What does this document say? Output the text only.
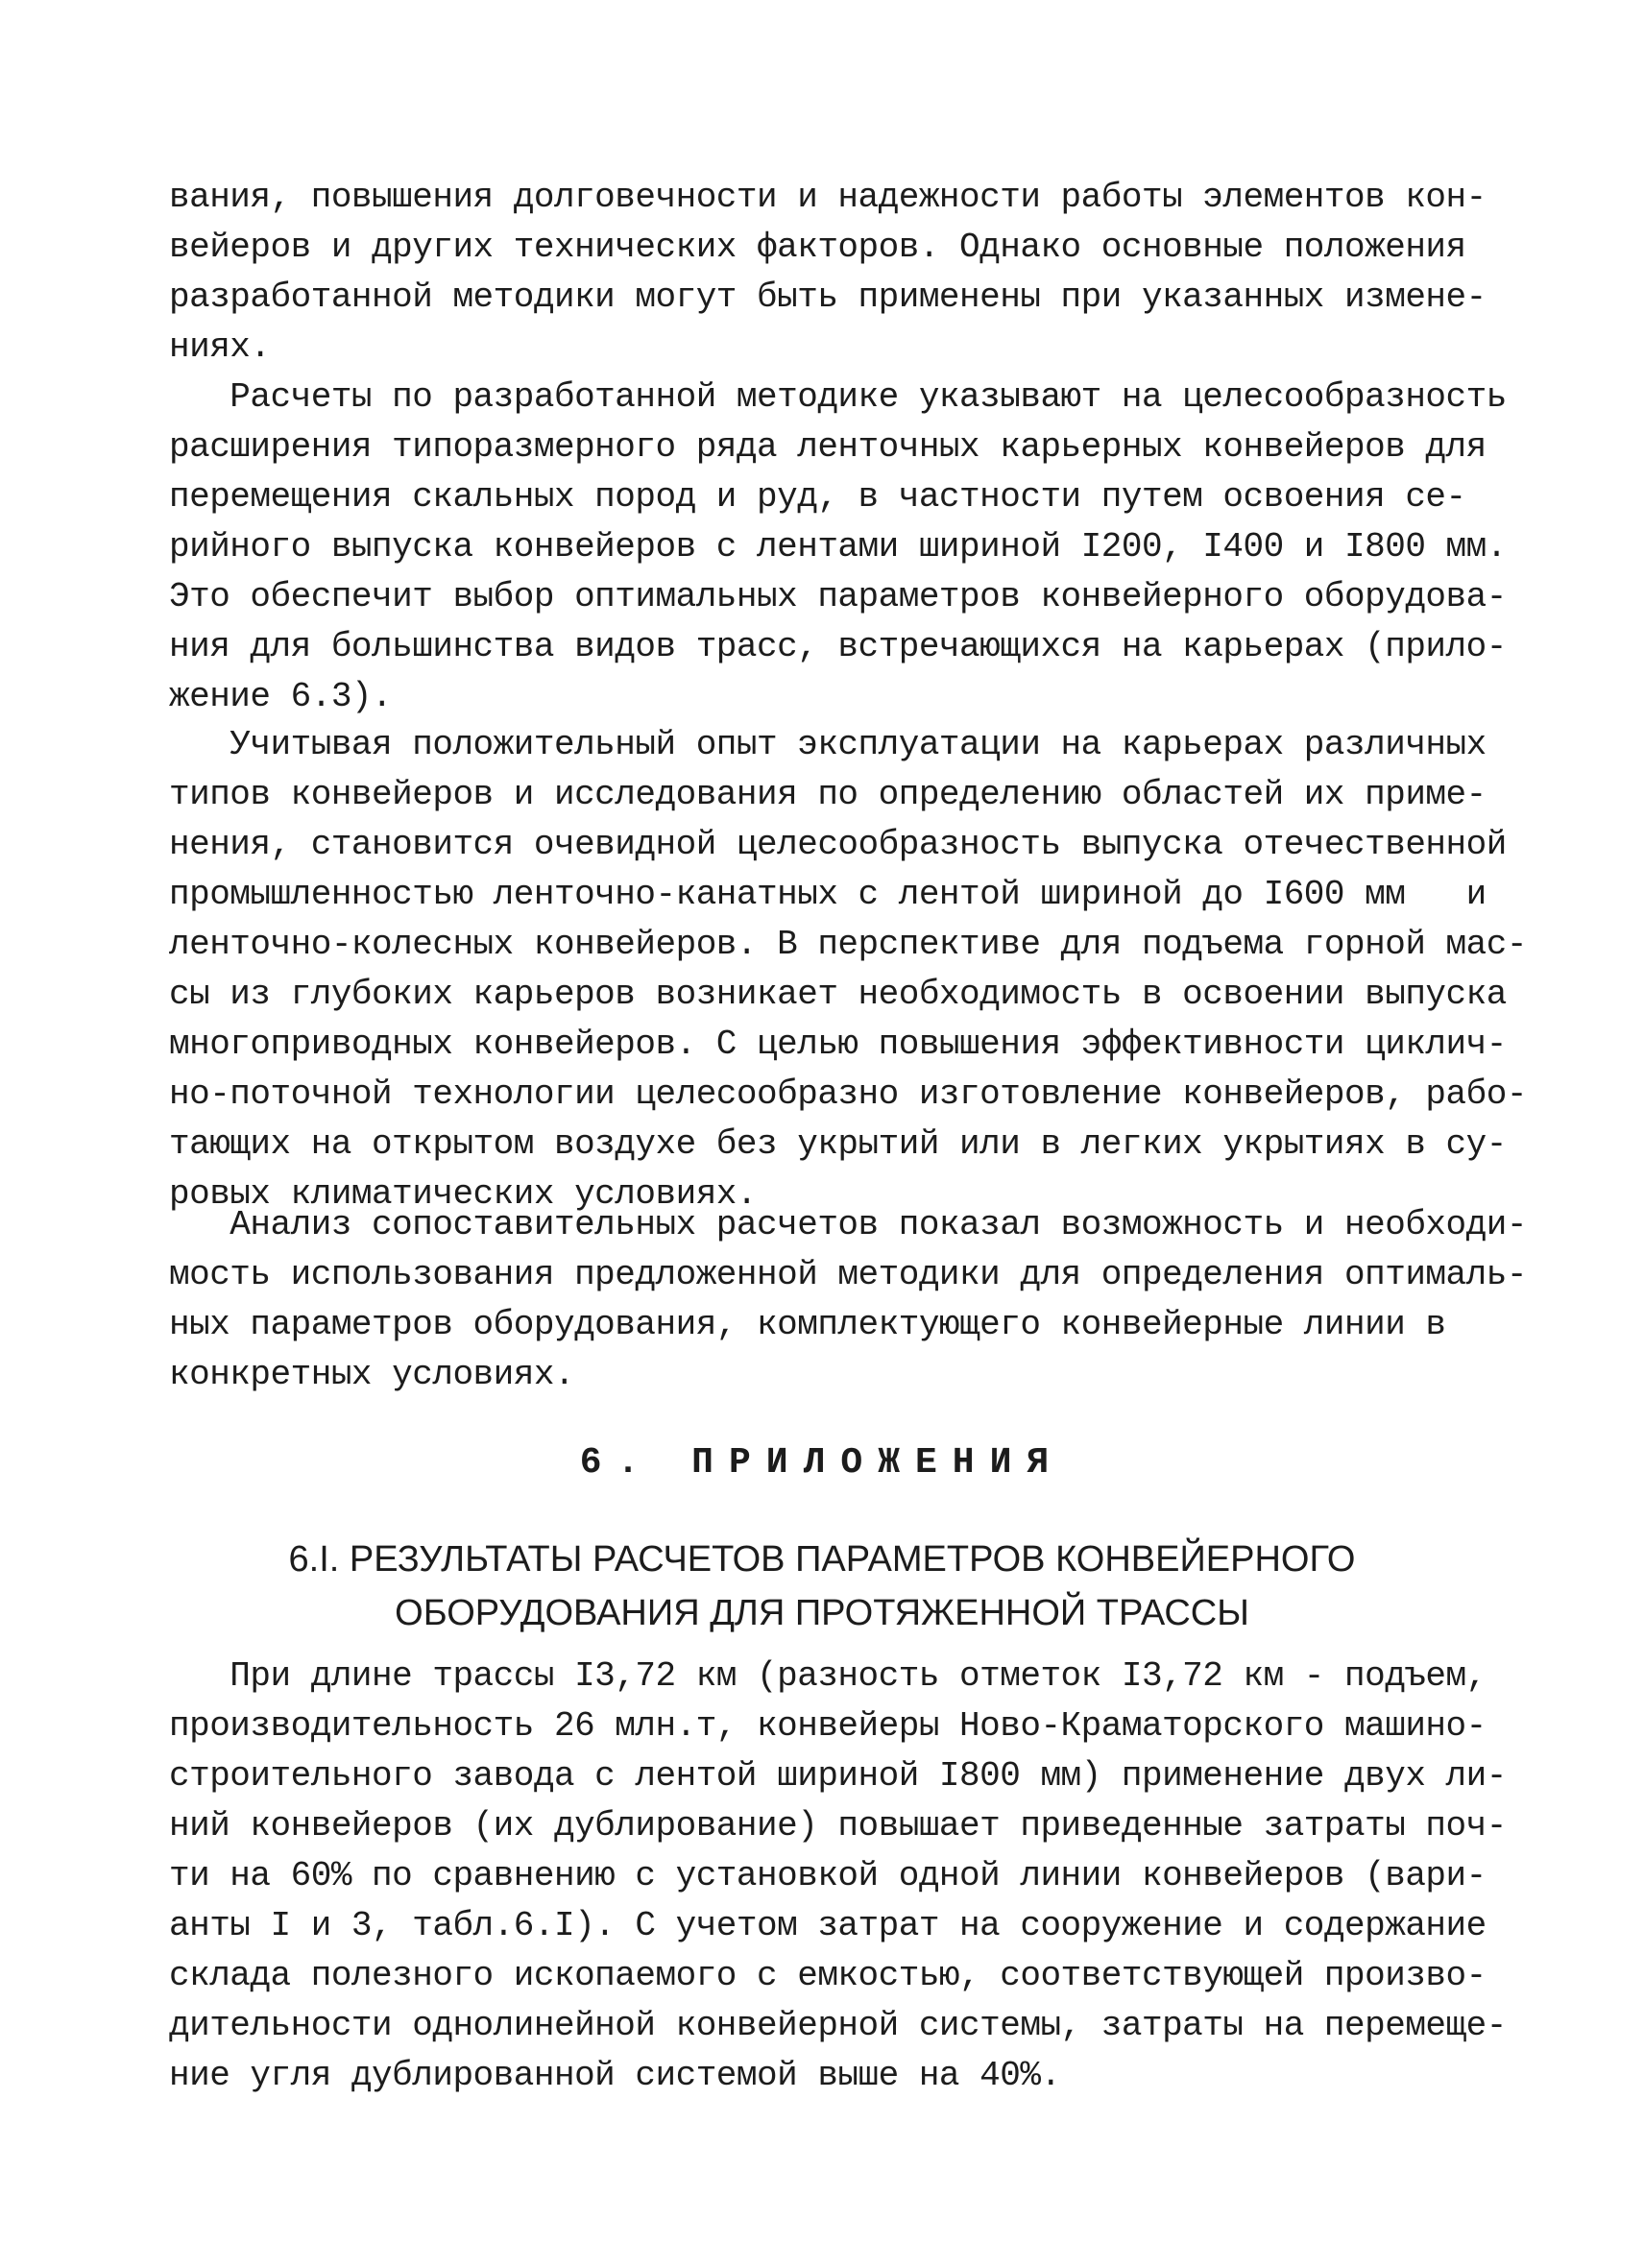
вания, повышения долговечности и надежности работы элементов кон-
вейеров и других технических факторов. Однако основные положения
разработанной методики могут быть применены при указанных измене-
ниях.
Расчеты по разработанной методике указывают на целесообразность
расширения типоразмерного ряда ленточных карьерных конвейеров для
перемещения скальных пород и руд, в частности путем освоения се-
рийного выпуска конвейеров с лентами шириной I200, I400 и I800 мм.
Это обеспечит выбор оптимальных параметров конвейерного оборудова-
ния для большинства видов трасс, встречающихся на карьерах (прило-
жение 6.3).
Учитывая положительный опыт эксплуатации на карьерах различных
типов конвейеров и исследования по определению областей их приме-
нения, становится очевидной целесообразность выпуска отечественной
промышленностью ленточно-канатных с лентой шириной до I600 мм   и
ленточно-колесных конвейеров. В перспективе для подъема горной мас-
сы из глубоких карьеров возникает необходимость в освоении выпуска
многоприводных конвейеров. С целью повышения эффективности циклич-
но-поточной технологии целесообразно изготовление конвейеров, рабо-
тающих на открытом воздухе без укрытий или в легких укрытиях в су-
ровых климатических условиях.
Анализ сопоставительных расчетов показал возможность и необходи-
мость использования предложенной методики для определения оптималь-
ных параметров оборудования, комплектующего конвейерные линии в
конкретных условиях.
6. ПРИЛОЖЕНИЯ
6.I. РЕЗУЛЬТАТЫ РАСЧЕТОВ ПАРАМЕТРОВ КОНВЕЙЕРНОГО
ОБОРУДОВАНИЯ ДЛЯ ПРОТЯЖЕННОЙ ТРАССЫ
При длине трассы I3,72 км (разность отметок I3,72 км - подъем,
производительность 26 млн.т, конвейеры Ново-Краматорского машино-
строительного завода с лентой шириной I800 мм) применение двух ли-
ний конвейеров (их дублирование) повышает приведенные затраты поч-
ти на 60% по сравнению с установкой одной линии конвейеров (вари-
анты I и 3, табл.6.I). С учетом затрат на сооружение и содержание
склада полезного ископаемого с емкостью, соответствующей произво-
дительности однолинейной конвейерной системы, затраты на перемеще-
ние угля дублированной системой выше на 40%.
